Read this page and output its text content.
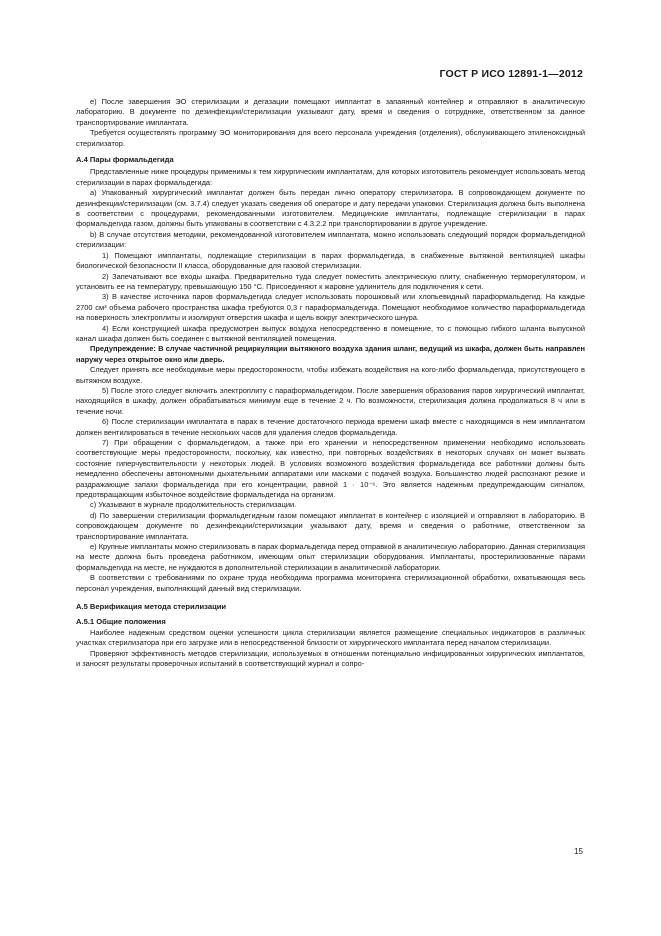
ГОСТ Р ИСО 12891-1—2012

е) После завершения ЭО стерилизации и дегазации помещают имплантат в запаянный контейнер и отправляют в аналитическую лабораторию. В документе по дезинфекции/стерилизации указывают дату, время и сведения о сотруднике, ответственном за данное транспортирование имплантата.

Требуется осуществлять программу ЭО мониторирования для всего персонала учреждения (отделения), обслуживающего этиленоксидный стерилизатор.

A.4 Пары формальдегида

Представленные ниже процедуры применимы к тем хирургическим имплантатам, для которых изготовитель рекомендует использовать метод стерилизации в парах формальдегида:

a) Упакованный хирургический имплантат должен быть передан лично оператору стерилизатора. В сопровождающем документе по дезинфекции/стерилизации (см. 3.7.4) следует указать сведения об операторе и дату передачи упаковки. Стерилизация должна быть выполнена в соответствии с процедурами, рекомендованными изготовителем. Медицинские имплантаты, подлежащие стерилизации в парах формальдегида газом, должны быть упакованы в соответствии с 4.3.2.2 при транспортировании в другое учреждение.

b) В случае отсутствия методики, рекомендованной изготовителем имплантата, можно использовать следующий порядок формальдегидной стерилизации:

1) Помещают имплантаты, подлежащие стерилизации в парах формальдегида, в снабженные вытяжной вентиляцией шкафы биологической безопасности II класса, оборудованные для газовой стерилизации.

2) Запечатывают все входы шкафа. Предварительно туда следует поместить электрическую плиту, снабженную терморегулятором, и установить ее на температуру, превышающую 150 °С. Присоединяют к жаровне удлинитель для подключения к сети.

3) В качестве источника паров формальдегида следует использовать порошковый или хлопьевидный параформальдегид. На каждые 2700 см³ объема рабочего пространства шкафа требуются 0,3 г параформальдегида. Помещают необходимое количество параформальдегида на поверхность электроплиты и изолируют отверстия шкафа и щель вокруг электрического шнура.

4) Если конструкцией шкафа предусмотрен выпуск воздуха непосредственно в помещение, то с помощью гибкого шланга выпускной канал шкафа должен быть соединен с вытяжной вентиляцией помещения.

Предупреждение: В случае частичной рециркуляции вытяжного воздуха здания шланг, ведущий из шкафа, должен быть направлен наружу через открытое окно или дверь.

Следует принять все необходимые меры предосторожности, чтобы избежать воздействия на кого-либо формальдегида, присутствующего в вытяжном воздухе.

5) После этого следует включить электроплиту с параформальдегидом. После завершения образования паров хирургический имплантат, находящийся в шкафу, должен обрабатываться минимум еще в течение 2 ч. По возможности, стерилизация должна продолжаться 8 ч или в течение ночи.

6) После стерилизации имплантата в парах в течение достаточного периода времени шкаф вместе с находящимся в нем имплантатом должен вентилироваться в течение нескольких часов для удаления следов формальдегида.

7) При обращении с формальдегидом, а также при его хранении и непосредственном применении необходимо использовать соответствующие меры предосторожности, поскольку, как известно, при повторных воздействиях в некоторых случаях он может вызвать состояние гиперчувствительности у некоторых людей. В условиях возможного воздействия формальдегида все работники должны быть немедленно обеспечены автономными дыхательными аппаратами или масками с подачей воздуха. Большинство людей распознают резкие и раздражающие запахи формальдегида при его концентрации, равной 1 · 10⁻⁶. Это является надежным предупреждающим сигналом, предотвращающим избыточное воздействие формальдегида на организм.

c) Указывают в журнале продолжительность стерилизации.

d) По завершении стерилизации формальдегидным газом помещают имплантат в контейнер с изоляцией и отправляют в лабораторию. В сопровождающем документе по дезинфекции/стерилизации указывают дату, время и сведения о работнике, ответственном за транспортирование имплантата.

e) Крупные имплантаты можно стерилизовать в парах формальдегида перед отправкой в аналитическую лабораторию. Данная стерилизация на месте должна быть проведена работником, имеющим опыт стерилизации оборудования. Имплантаты, простерилизованные парами формальдегида на месте, не нуждаются в дополнительной стерилизации в аналитической лаборатории.

В соответствии с требованиями по охране труда необходима программа мониторинга стерилизационной обработки, охватывающая весь персонал учреждения, выполняющий данный вид стерилизации.

A.5 Верификация метода стерилизации
A.5.1 Общие положения

Наиболее надежным средством оценки успешности цикла стерилизации является размещение специальных индикаторов в различных участках стерилизатора при его загрузке или в непосредственной близости от хирургического имплантата перед началом стерилизации.

Проверяют эффективность методов стерилизации, используемых в отношении потенциально инфицированных хирургических имплантатов, и заносят результаты проверочных испытаний в соответствующий журнал и сопро-

15
